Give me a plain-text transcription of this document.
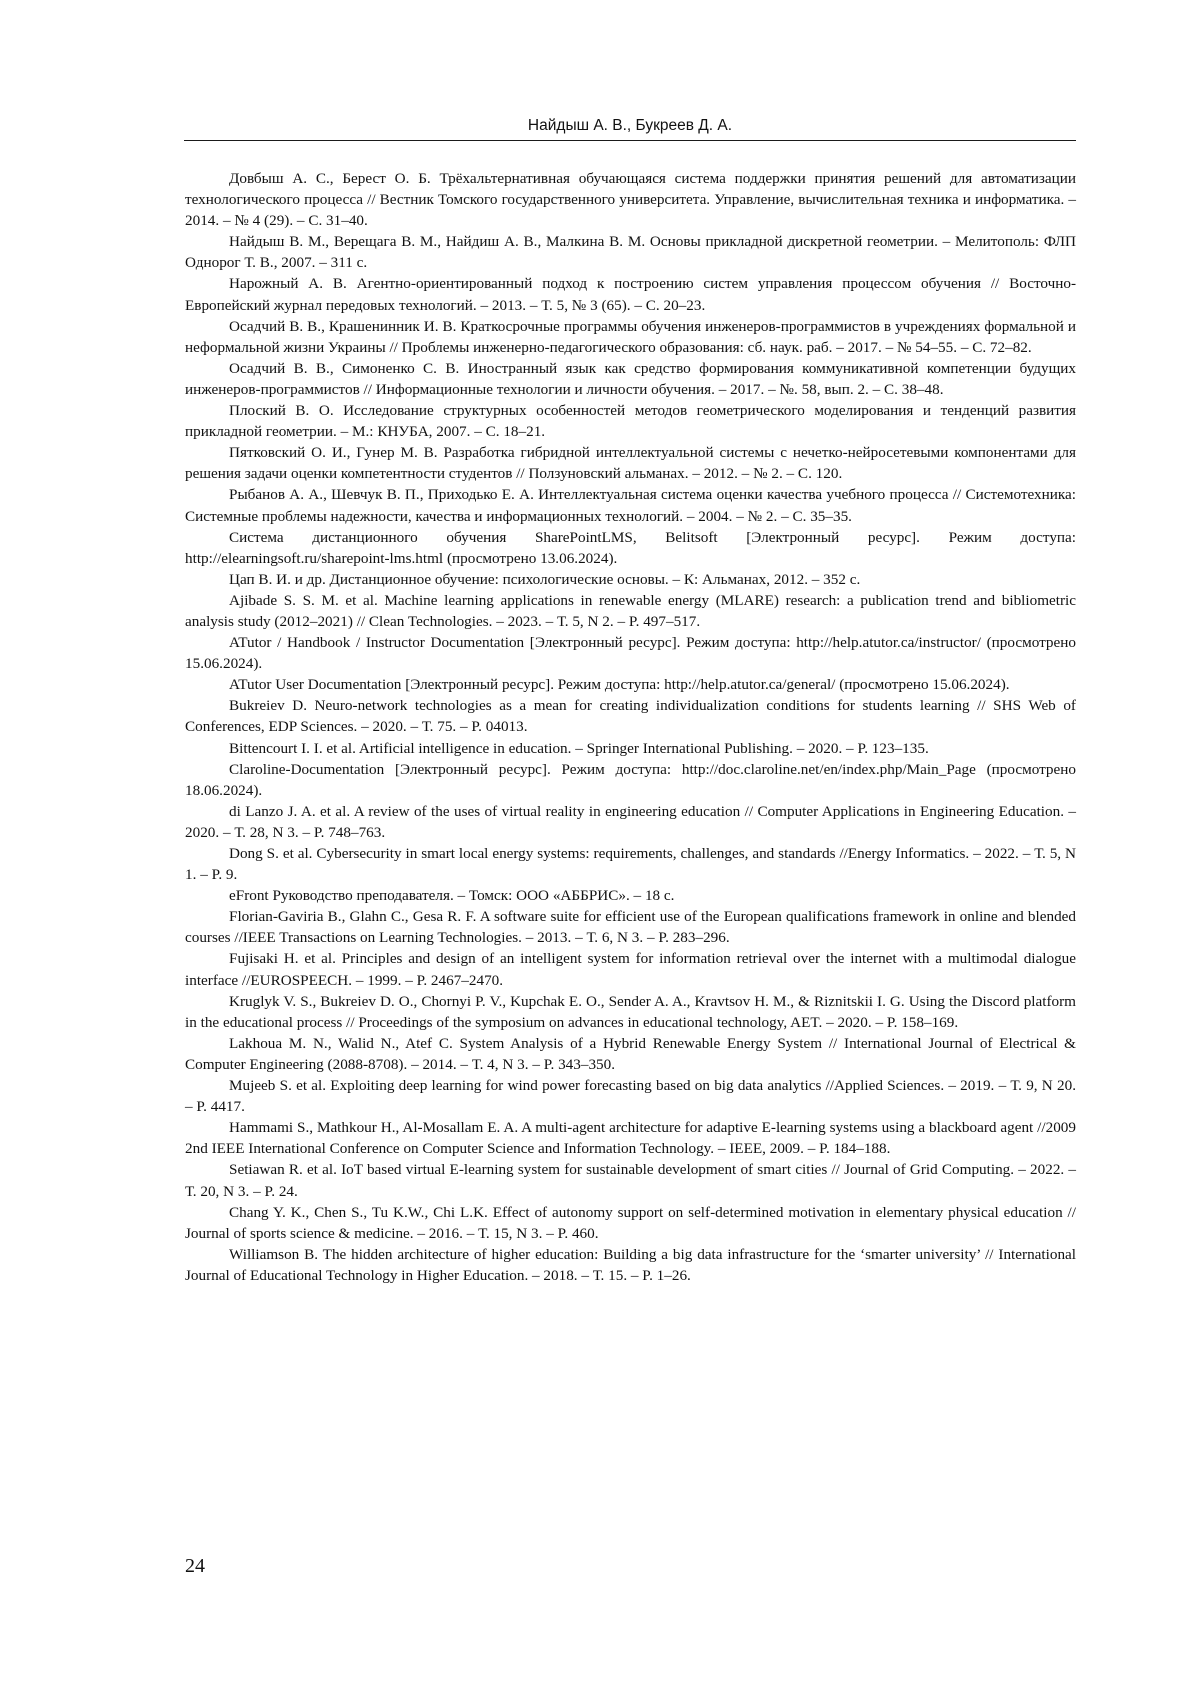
Найдыш А. В., Букреев Д. А.

Довбыш А. С., Берест О. Б. Трёхальтернативная обучающаяся система поддержки принятия решений для автоматизации технологического процесса // Вестник Томского государственного университета. Управление, вычислительная техника и информатика. – 2014. – № 4 (29). – С. 31–40.

Найдыш В. М., Верещага В. М., Найдиш А. В., Малкина В. М. Основы прикладной дискретной геометрии. – Мелитополь: ФЛП Однорог Т. В., 2007. – 311 с.

Нарожный А. В. Агентно-ориентированный подход к построению систем управления процессом обучения // Восточно-Европейский журнал передовых технологий. – 2013. – Т. 5, № 3 (65). – С. 20–23.

Осадчий В. В., Крашенинник И. В. Краткосрочные программы обучения инженеров-программистов в учреждениях формальной и неформальной жизни Украины // Проблемы инженерно-педагогического образования: сб. наук. раб. – 2017. – № 54–55. – С. 72–82.

Осадчий В. В., Симоненко С. В. Иностранный язык как средство формирования коммуникативной компетенции будущих инженеров-программистов // Информационные технологии и личности обучения. – 2017. – №. 58, вып. 2. – С. 38–48.

Плоский В. О. Исследование структурных особенностей методов геометрического моделирования и тенденций развития прикладной геометрии. – М.: КНУБА, 2007. – С. 18–21.

Пятковский О. И., Гунер М. В. Разработка гибридной интеллектуальной системы с нечетко-нейросетевыми компонентами для решения задачи оценки компетентности студентов // Ползуновский альманах. – 2012. – № 2. – С. 120.

Рыбанов А. А., Шевчук В. П., Приходько Е. А. Интеллектуальная система оценки качества учебного процесса // Системотехника: Системные проблемы надежности, качества и информационных технологий. – 2004. – № 2. – С. 35–35.

Система дистанционного обучения SharePointLMS, Belitsoft [Электронный ресурс]. Режим доступа: http://elearningsoft.ru/sharepoint-lms.html (просмотрено 13.06.2024).

Цап В. И. и др. Дистанционное обучение: психологические основы. – К: Альманах, 2012. – 352 с.

Ajibade S. S. M. et al. Machine learning applications in renewable energy (MLARE) research: a publication trend and bibliometric analysis study (2012–2021) // Clean Technologies. – 2023. – Т. 5, N 2. – P. 497–517.

ATutor / Handbook / Instructor Documentation [Электронный ресурс]. Режим доступа: http://help.atutor.ca/instructor/ (просмотрено 15.06.2024).

ATutor User Documentation [Электронный ресурс]. Режим доступа: http://help.atutor.ca/general/ (просмотрено 15.06.2024).

Bukreiev D. Neuro-network technologies as a mean for creating individualization conditions for students learning // SHS Web of Conferences, EDP Sciences. – 2020. – Т. 75. – P. 04013.

Bittencourt I. I. et al. Artificial intelligence in education. – Springer International Publishing. – 2020. – P. 123–135.

Claroline-Documentation [Электронный ресурс]. Режим доступа: http://doc.claroline.net/en/index.php/Main_Page (просмотрено 18.06.2024).

di Lanzo J. A. et al. A review of the uses of virtual reality in engineering education // Computer Applications in Engineering Education. – 2020. – Т. 28, N 3. – P. 748–763.

Dong S. et al. Cybersecurity in smart local energy systems: requirements, challenges, and standards //Energy Informatics. – 2022. – Т. 5, N 1. – P. 9.

eFront Руководство преподавателя. – Томск: ООО «АББРИС». – 18 с.

Florian-Gaviria B., Glahn C., Gesa R. F. A software suite for efficient use of the European qualifications framework in online and blended courses //IEEE Transactions on Learning Technologies. – 2013. – Т. 6, N 3. – P. 283–296.

Fujisaki H. et al. Principles and design of an intelligent system for information retrieval over the internet with a multimodal dialogue interface //EUROSPEECH. – 1999. – P. 2467–2470.

Kruglyk V. S., Bukreiev D. O., Chornyi P. V., Kupchak E. O., Sender A. A., Kravtsov H. M., & Riznitskii I. G. Using the Discord platform in the educational process // Proceedings of the symposium on advances in educational technology, AET. – 2020. – P. 158–169.

Lakhoua M. N., Walid N., Atef C. System Analysis of a Hybrid Renewable Energy System // International Journal of Electrical & Computer Engineering (2088-8708). – 2014. – Т. 4, N 3. – P. 343–350.

Mujeeb S. et al. Exploiting deep learning for wind power forecasting based on big data analytics //Applied Sciences. – 2019. – Т. 9, N 20. – P. 4417.

Hammami S., Mathkour H., Al-Mosallam E. A. A multi-agent architecture for adaptive E-learning systems using a blackboard agent //2009 2nd IEEE International Conference on Computer Science and Information Technology. – IEEE, 2009. – P. 184–188.

Setiawan R. et al. IoT based virtual E-learning system for sustainable development of smart cities // Journal of Grid Computing. – 2022. – Т. 20, N 3. – P. 24.

Chang Y. K., Chen S., Tu K.W., Chi L.K. Effect of autonomy support on self-determined motivation in elementary physical education // Journal of sports science & medicine. – 2016. – Т. 15, N 3. – P. 460.

Williamson B. The hidden architecture of higher education: Building a big data infrastructure for the ‘smarter university’ // International Journal of Educational Technology in Higher Education. – 2018. – Т. 15. – P. 1–26.

24
